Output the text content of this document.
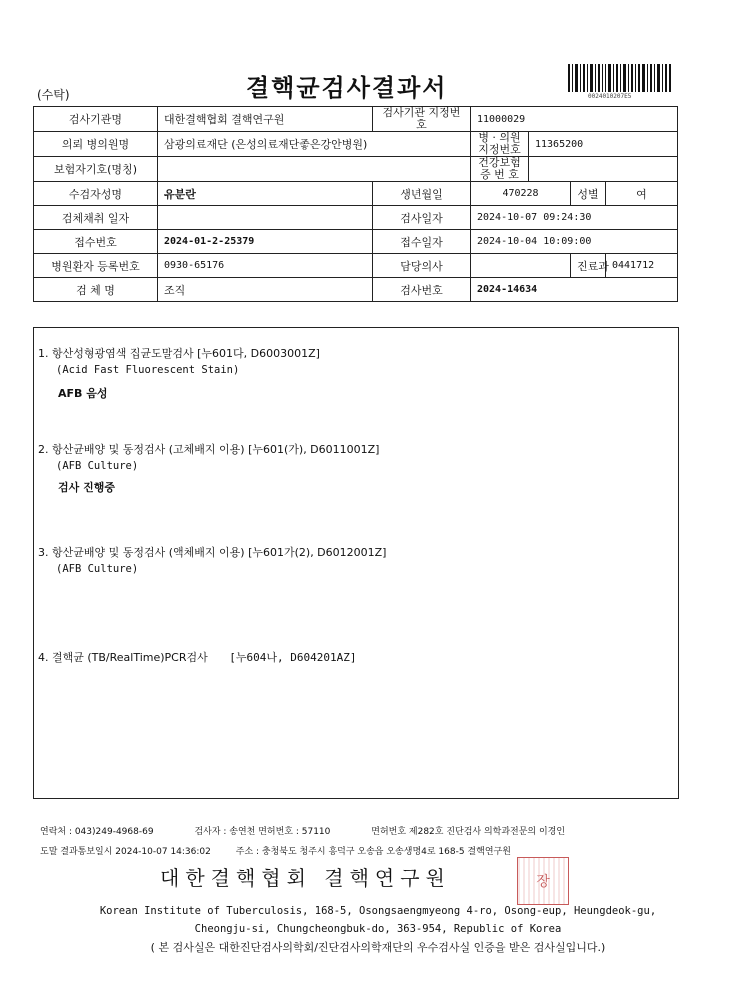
(수탁)	결핵균검사결과서	0024010207E5
검사기관명	대한결핵협회 결핵연구원	검사기관 지정번호	11000029			
의뢰 병의원명	삼광의료재단 (은성의료재단좋은강안병원)		병 · 의원 지정번호	11365200		
보험자기호(명칭)			건강보험 증 번 호			
수검자성명	유분란	생년월일	470228		성별	여
검체채취 일자		검사일자	2024-10-07 09:24:30			
접수번호	2024-01-2-25379	접수일자	2024-10-04 10:09:00			
병원환자 등록번호	0930-65176	담당의사			진료과	0441712
검 체 명	조직	검사번호	2024-14634			
1. 항산성형광염색 집균도말검사 [누601다, D6003001Z]
(Acid Fast Fluorescent Stain)
AFB 음성
2. 항산균배양 및 동정검사 (고체배지 이용) [누601(가), D6011001Z]
(AFB Culture)
검사 진행중
3. 항산균배양 및 동정검사 (액체배지 이용) [누601가(2), D6012001Z]
(AFB Culture)
4. 결핵균 (TB/RealTime)PCR검사 [누604나, D604201AZ]
연락처 : 043)249-4968-69	검사자 : 송연천 면허번호 : 57110	면허번호 제282호 진단검사 의학과전문의 이경인
도말 결과통보일시 2024-10-07 14:36:02	주소 : 충청북도 청주시 흥덕구 오송읍 오송생명4로 168-5 결핵연구원
대한결핵협회 결핵연구원	장
Korean Institute of Tuberculosis, 168-5, Osongsaengmyeong 4-ro, Osong-eup, Heungdeok-gu,
Cheongju-si, Chungcheongbuk-do, 363-954, Republic of Korea
( 본 검사실은 대한진단검사의학회/진단검사의학재단의 우수검사실 인증을 받은 검사실입니다.)
